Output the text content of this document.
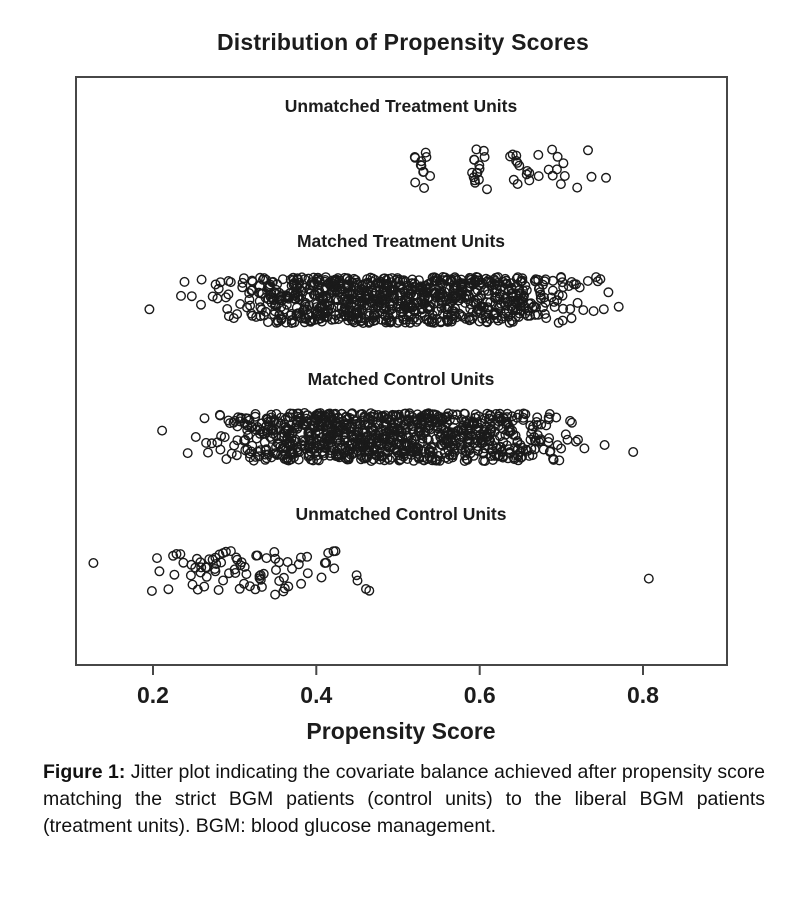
Distribution of Propensity Scores
Unmatched Treatment Units
Matched Treatment Units
Matched Control Units
Unmatched Control Units
0.2	0.4	0.6	0.8
Propensity Score

Figure 1: Jitter plot indicating the covariate balance achieved after propensity score matching the strict BGM patients (control units) to the liberal BGM patients (treatment units). BGM: blood glucose management.
